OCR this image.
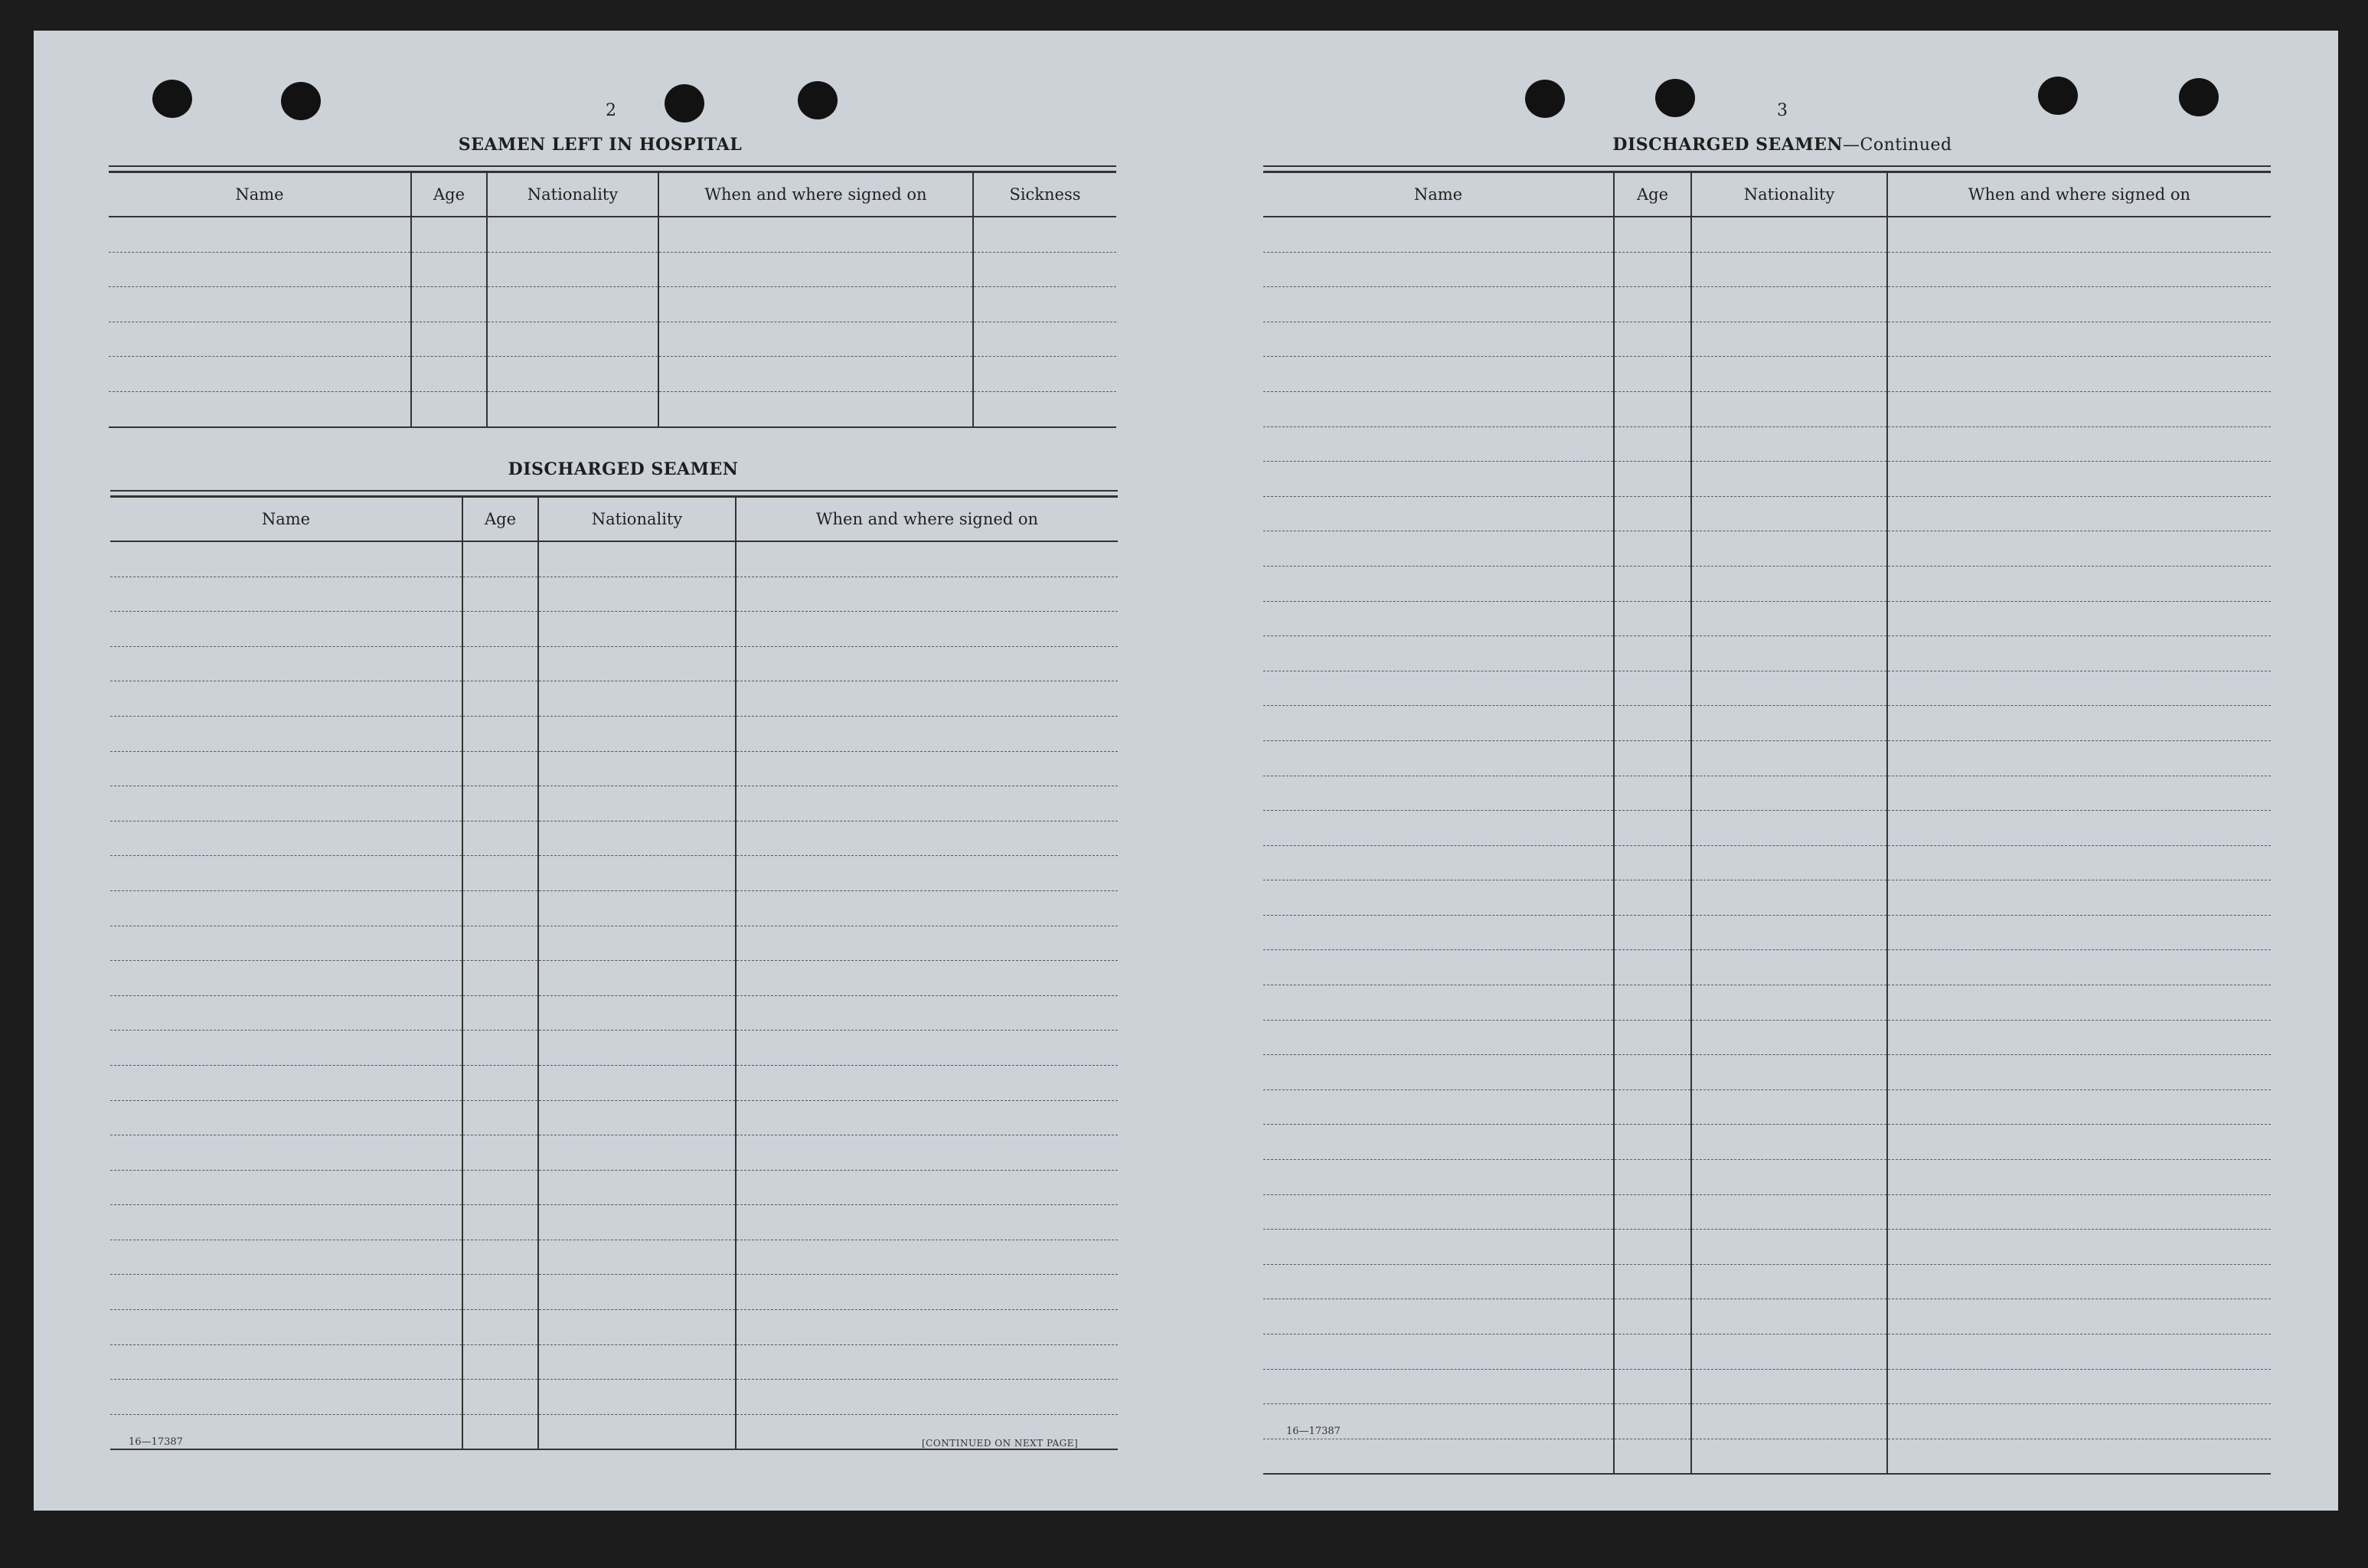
2
SEAMEN LEFT IN HOSPITAL

Name	Age	Nationality	When and where signed on	Sickness

DISCHARGED SEAMEN

Name	Age	Nationality	When and where signed on

16—17387	[CONTINUED ON NEXT PAGE]
3
DISCHARGED SEAMEN—Continued

Name	Age	Nationality	When and where signed on

16—17387
